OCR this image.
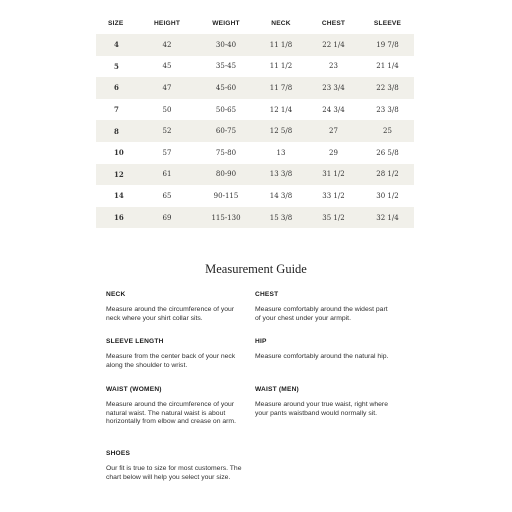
SIZE	HEIGHT	WEIGHT	NECK	CHEST	SLEEVE
4	42	30-40	11 1/8	22 1/4	19 7/8
5	45	35-45	11 1/2	23	21 1/4
6	47	45-60	11 7/8	23 3/4	22 3/8
7	50	50-65	12 1/4	24 3/4	23 3/8
8	52	60-75	12 5/8	27	25
10	57	75-80	13	29	26 5/8
12	61	80-90	13 3/8	31 1/2	28 1/2
14	65	90-115	14 3/8	33 1/2	30 1/2
16	69	115-130	15 3/8	35 1/2	32 1/4
Measurement Guide

NECK

Measure around the circumference of your neck where your shirt collar sits.

CHEST

Measure comfortably around the widest part of your chest under your armpit.

SLEEVE LENGTH

Measure from the center back of your neck along the shoulder to wrist.

HIP

Measure comfortably around the natural hip.

WAIST (WOMEN)

Measure around the circumference of your natural waist. The natural waist is about horizontally from elbow and crease on arm.

WAIST (MEN)

Measure around your true waist, right where your pants waistband would normally sit.

SHOES

Our fit is true to size for most customers. The chart below will help you select your size.
